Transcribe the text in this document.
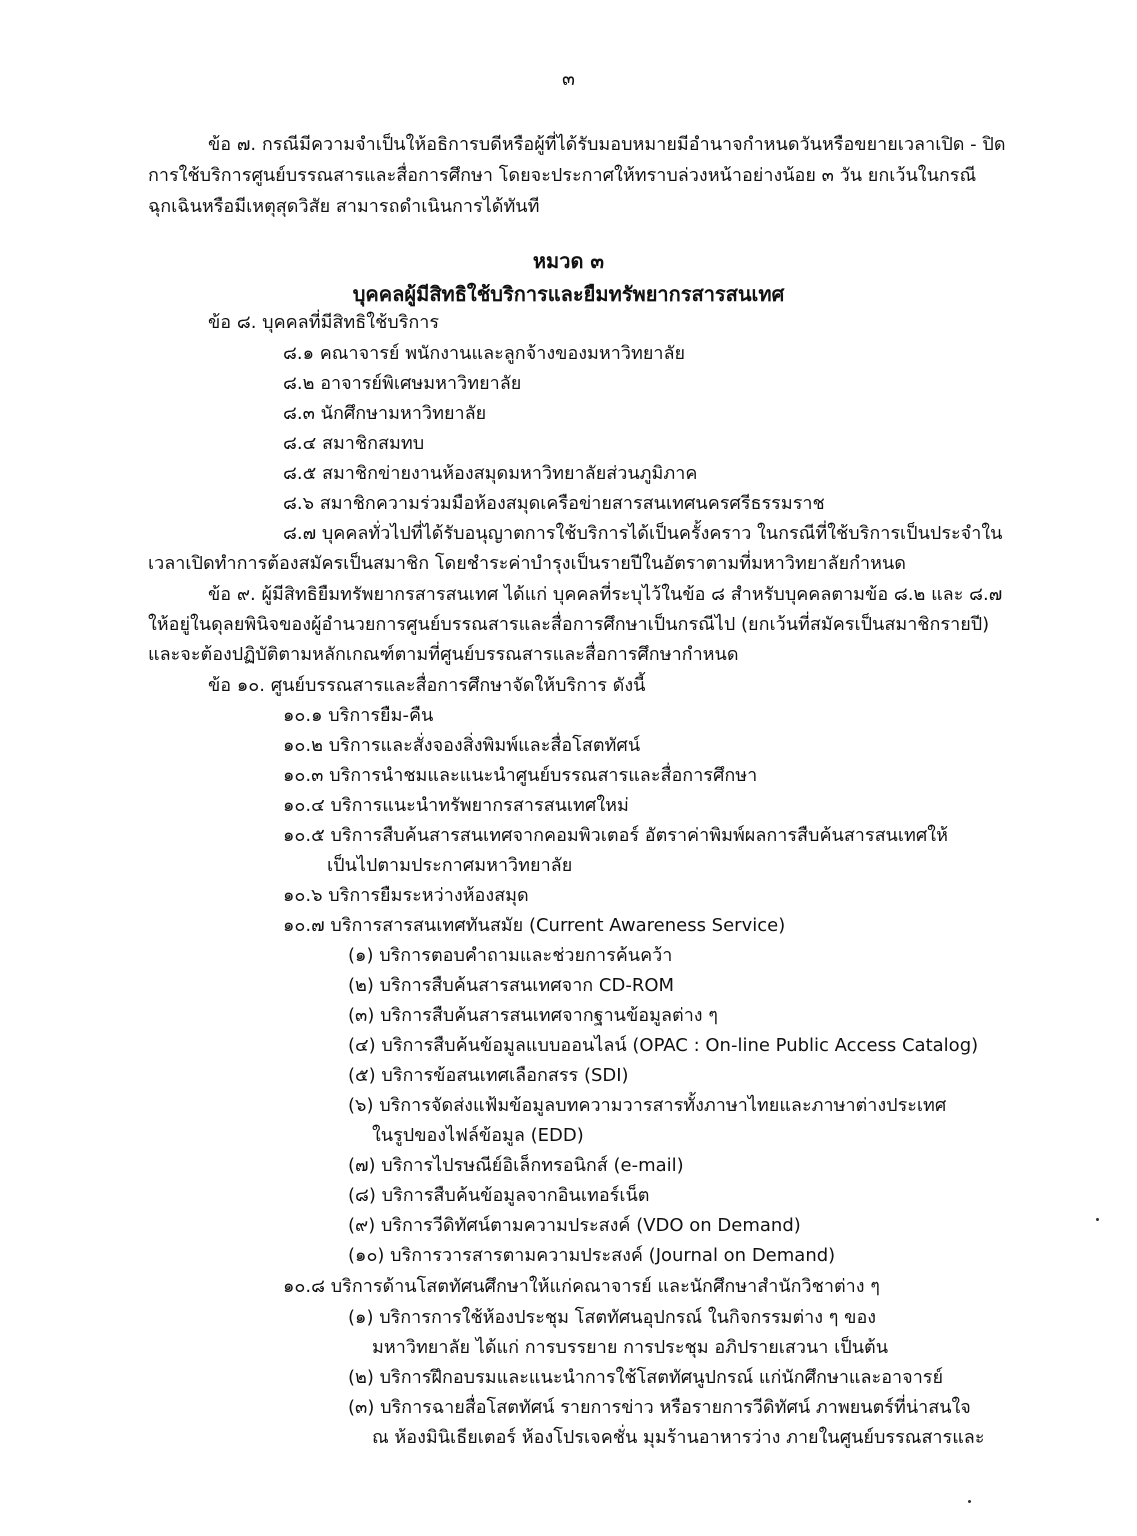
๓
ข้อ ๗. กรณีมีความจำเป็นให้อธิการบดีหรือผู้ที่ได้รับมอบหมายมีอำนาจกำหนดวันหรือขยายเวลาเปิด - ปิด
การใช้บริการศูนย์บรรณสารและสื่อการศึกษา โดยจะประกาศให้ทราบล่วงหน้าอย่างน้อย ๓ วัน ยกเว้นในกรณี
ฉุกเฉินหรือมีเหตุสุดวิสัย สามารถดำเนินการได้ทันที
หมวด ๓
บุคคลผู้มีสิทธิใช้บริการและยืมทรัพยากรสารสนเทศ
ข้อ ๘. บุคคลที่มีสิทธิใช้บริการ
๘.๑ คณาจารย์ พนักงานและลูกจ้างของมหาวิทยาลัย
๘.๒ อาจารย์พิเศษมหาวิทยาลัย
๘.๓ นักศึกษามหาวิทยาลัย
๘.๔ สมาชิกสมทบ
๘.๕ สมาชิกข่ายงานห้องสมุดมหาวิทยาลัยส่วนภูมิภาค
๘.๖ สมาชิกความร่วมมือห้องสมุดเครือข่ายสารสนเทศนครศรีธรรมราช
๘.๗ บุคคลทั่วไปที่ได้รับอนุญาตการใช้บริการได้เป็นครั้งคราว ในกรณีที่ใช้บริการเป็นประจำใน
เวลาเปิดทำการต้องสมัครเป็นสมาชิก โดยชำระค่าบำรุงเป็นรายปีในอัตราตามที่มหาวิทยาลัยกำหนด
ข้อ ๙. ผู้มีสิทธิยืมทรัพยากรสารสนเทศ ได้แก่ บุคคลที่ระบุไว้ในข้อ ๘ สำหรับบุคคลตามข้อ ๘.๒ และ ๘.๗
ให้อยู่ในดุลยพินิจของผู้อำนวยการศูนย์บรรณสารและสื่อการศึกษาเป็นกรณีไป (ยกเว้นที่สมัครเป็นสมาชิกรายปี)
และจะต้องปฏิบัติตามหลักเกณฑ์ตามที่ศูนย์บรรณสารและสื่อการศึกษากำหนด
ข้อ ๑๐. ศูนย์บรรณสารและสื่อการศึกษาจัดให้บริการ ดังนี้
๑๐.๑ บริการยืม-คืน
๑๐.๒ บริการและสั่งจองสิ่งพิมพ์และสื่อโสตทัศน์
๑๐.๓ บริการนำชมและแนะนำศูนย์บรรณสารและสื่อการศึกษา
๑๐.๔ บริการแนะนำทรัพยากรสารสนเทศใหม่
๑๐.๕ บริการสืบค้นสารสนเทศจากคอมพิวเตอร์ อัตราค่าพิมพ์ผลการสืบค้นสารสนเทศให้
เป็นไปตามประกาศมหาวิทยาลัย
๑๐.๖ บริการยืมระหว่างห้องสมุด
๑๐.๗ บริการสารสนเทศทันสมัย (Current Awareness Service)
(๑) บริการตอบคำถามและช่วยการค้นคว้า
(๒) บริการสืบค้นสารสนเทศจาก CD-ROM
(๓) บริการสืบค้นสารสนเทศจากฐานข้อมูลต่าง ๆ
(๔) บริการสืบค้นข้อมูลแบบออนไลน์ (OPAC : On-line Public Access Catalog)
(๕) บริการข้อสนเทศเลือกสรร (SDI)
(๖) บริการจัดส่งแฟ้มข้อมูลบทความวารสารทั้งภาษาไทยและภาษาต่างประเทศ
ในรูปของไฟล์ข้อมูล (EDD)
(๗) บริการไปรษณีย์อิเล็กทรอนิกส์ (e-mail)
(๘) บริการสืบค้นข้อมูลจากอินเทอร์เน็ต
(๙) บริการวีดิทัศน์ตามความประสงค์ (VDO on Demand)
(๑๐) บริการวารสารตามความประสงค์ (Journal on Demand)
๑๐.๘ บริการด้านโสตทัศนศึกษาให้แก่คณาจารย์ และนักศึกษาสำนักวิชาต่าง ๆ
(๑) บริการการใช้ห้องประชุม โสตทัศนอุปกรณ์ ในกิจกรรมต่าง ๆ ของ
มหาวิทยาลัย ได้แก่ การบรรยาย การประชุม อภิปรายเสวนา เป็นต้น
(๒) บริการฝึกอบรมและแนะนำการใช้โสตทัศนูปกรณ์ แก่นักศึกษาและอาจารย์
(๓) บริการฉายสื่อโสตทัศน์ รายการข่าว หรือรายการวีดิทัศน์ ภาพยนตร์ที่น่าสนใจ
ณ ห้องมินิเธียเตอร์ ห้องโปรเจคชั่น มุมร้านอาหารว่าง ภายในศูนย์บรรณสารและ
